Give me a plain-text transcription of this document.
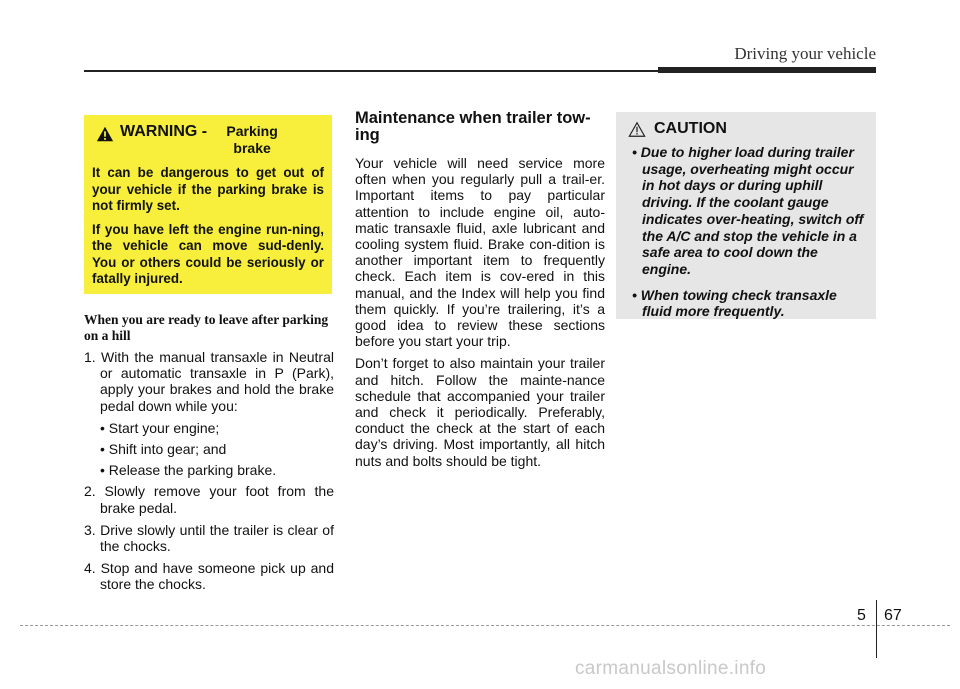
Driving your vehicle
WARNING -	Parking brake

It can be dangerous to get out of your vehicle if the parking brake is not firmly set.

If you have left the engine run-ning, the vehicle can move sud-denly. You or others could be seriously or fatally injured.

When you are ready to leave after parking on a hill

1. With the manual transaxle in Neutral or automatic transaxle in P (Park), apply your brakes and hold the brake pedal down while you:

• Start your engine;

• Shift into gear; and

• Release the parking brake.

2. Slowly remove your foot from the brake pedal.

3. Drive slowly until the trailer is clear of the chocks.

4. Stop and have someone pick up and store the chocks.

Maintenance when trailer tow-ing

Your vehicle will need service more often when you regularly pull a trail-er. Important items to pay particular attention to include engine oil, auto-matic transaxle fluid, axle lubricant and cooling system fluid. Brake con-dition is another important item to frequently check. Each item is cov-ered in this manual, and the Index will help you find them quickly. If you’re trailering, it’s a good idea to review these sections before you start your trip.

Don’t forget to also maintain your trailer and hitch. Follow the mainte-nance schedule that accompanied your trailer and check it periodically. Preferably, conduct the check at the start of each day’s driving. Most importantly, all hitch nuts and bolts should be tight.

CAUTION

• Due to higher load during trailer usage, overheating might occur in hot days or during uphill driving. If the coolant gauge indicates over-heating, switch off the A/C and stop the vehicle in a safe area to cool down the engine.

• When towing check transaxle fluid more frequently.

5 67
carmanualsonline.info
